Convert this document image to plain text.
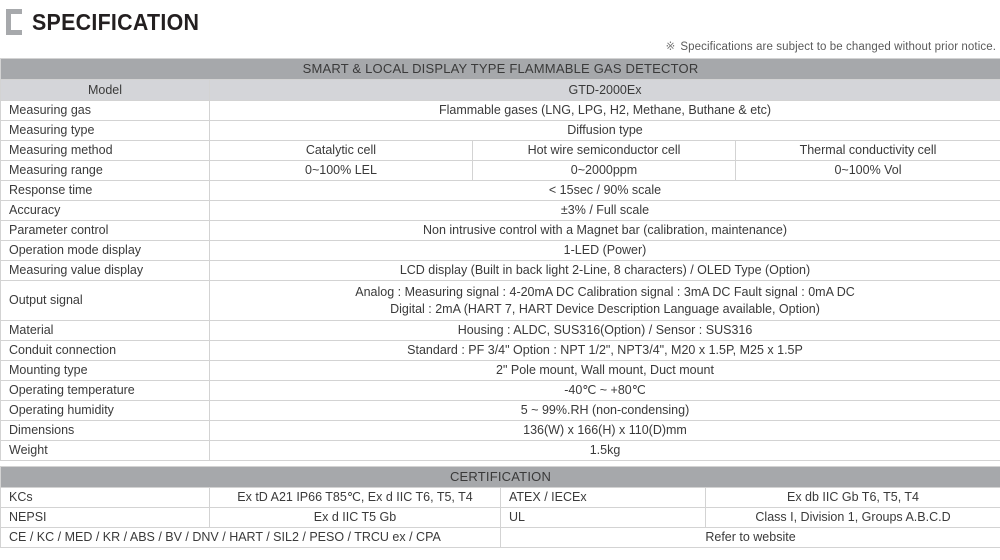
SPECIFICATION
※ Specifications are subject to be changed without prior notice.
SMART & LOCAL DISPLAY TYPE FLAMMABLE GAS DETECTOR			
Model	GTD-2000Ex		
Measuring gas	Flammable gases (LNG, LPG, H2, Methane, Buthane & etc)		
Measuring type	Diffusion type		
Measuring method	Catalytic cell	Hot wire semiconductor cell	Thermal conductivity cell
Measuring range	0~100% LEL	0~2000ppm	0~100% Vol
Response time	< 15sec / 90% scale		
Accuracy	±3% / Full scale		
Parameter control	Non intrusive control with a Magnet bar (calibration, maintenance)		
Operation mode display	1-LED (Power)		
Measuring value display	LCD display (Built in back light 2-Line, 8 characters) / OLED Type (Option)		
Output signal	Analog : Measuring signal : 4-20mA DC Calibration signal : 3mA DC Fault signal : 0mA DC
Digital : 2mA (HART 7, HART Device Description Language available, Option)		

Material	Housing : ALDC, SUS316(Option) / Sensor : SUS316		
Conduit connection	Standard : PF 3/4" Option : NPT 1/2", NPT3/4", M20 x 1.5P, M25 x 1.5P		
Mounting type	2" Pole mount, Wall mount, Duct mount		
Operating temperature	-40℃ ~ +80℃		
Operating humidity	5 ~ 99%.RH (non-condensing)		
Dimensions	136(W) x 166(H) x 110(D)mm		
Weight	1.5kg		
CERTIFICATION			
KCs	Ex tD A21 IP66 T85℃, Ex d IIC T6, T5, T4	ATEX / IECEx	Ex db IIC Gb T6, T5, T4
NEPSI	Ex d IIC T5 Gb	UL	Class I, Division 1, Groups A.B.C.D
CE / KC / MED / KR / ABS / BV / DNV / HART / SIL2 / PESO / TRCU ex / CPA		Refer to website	
